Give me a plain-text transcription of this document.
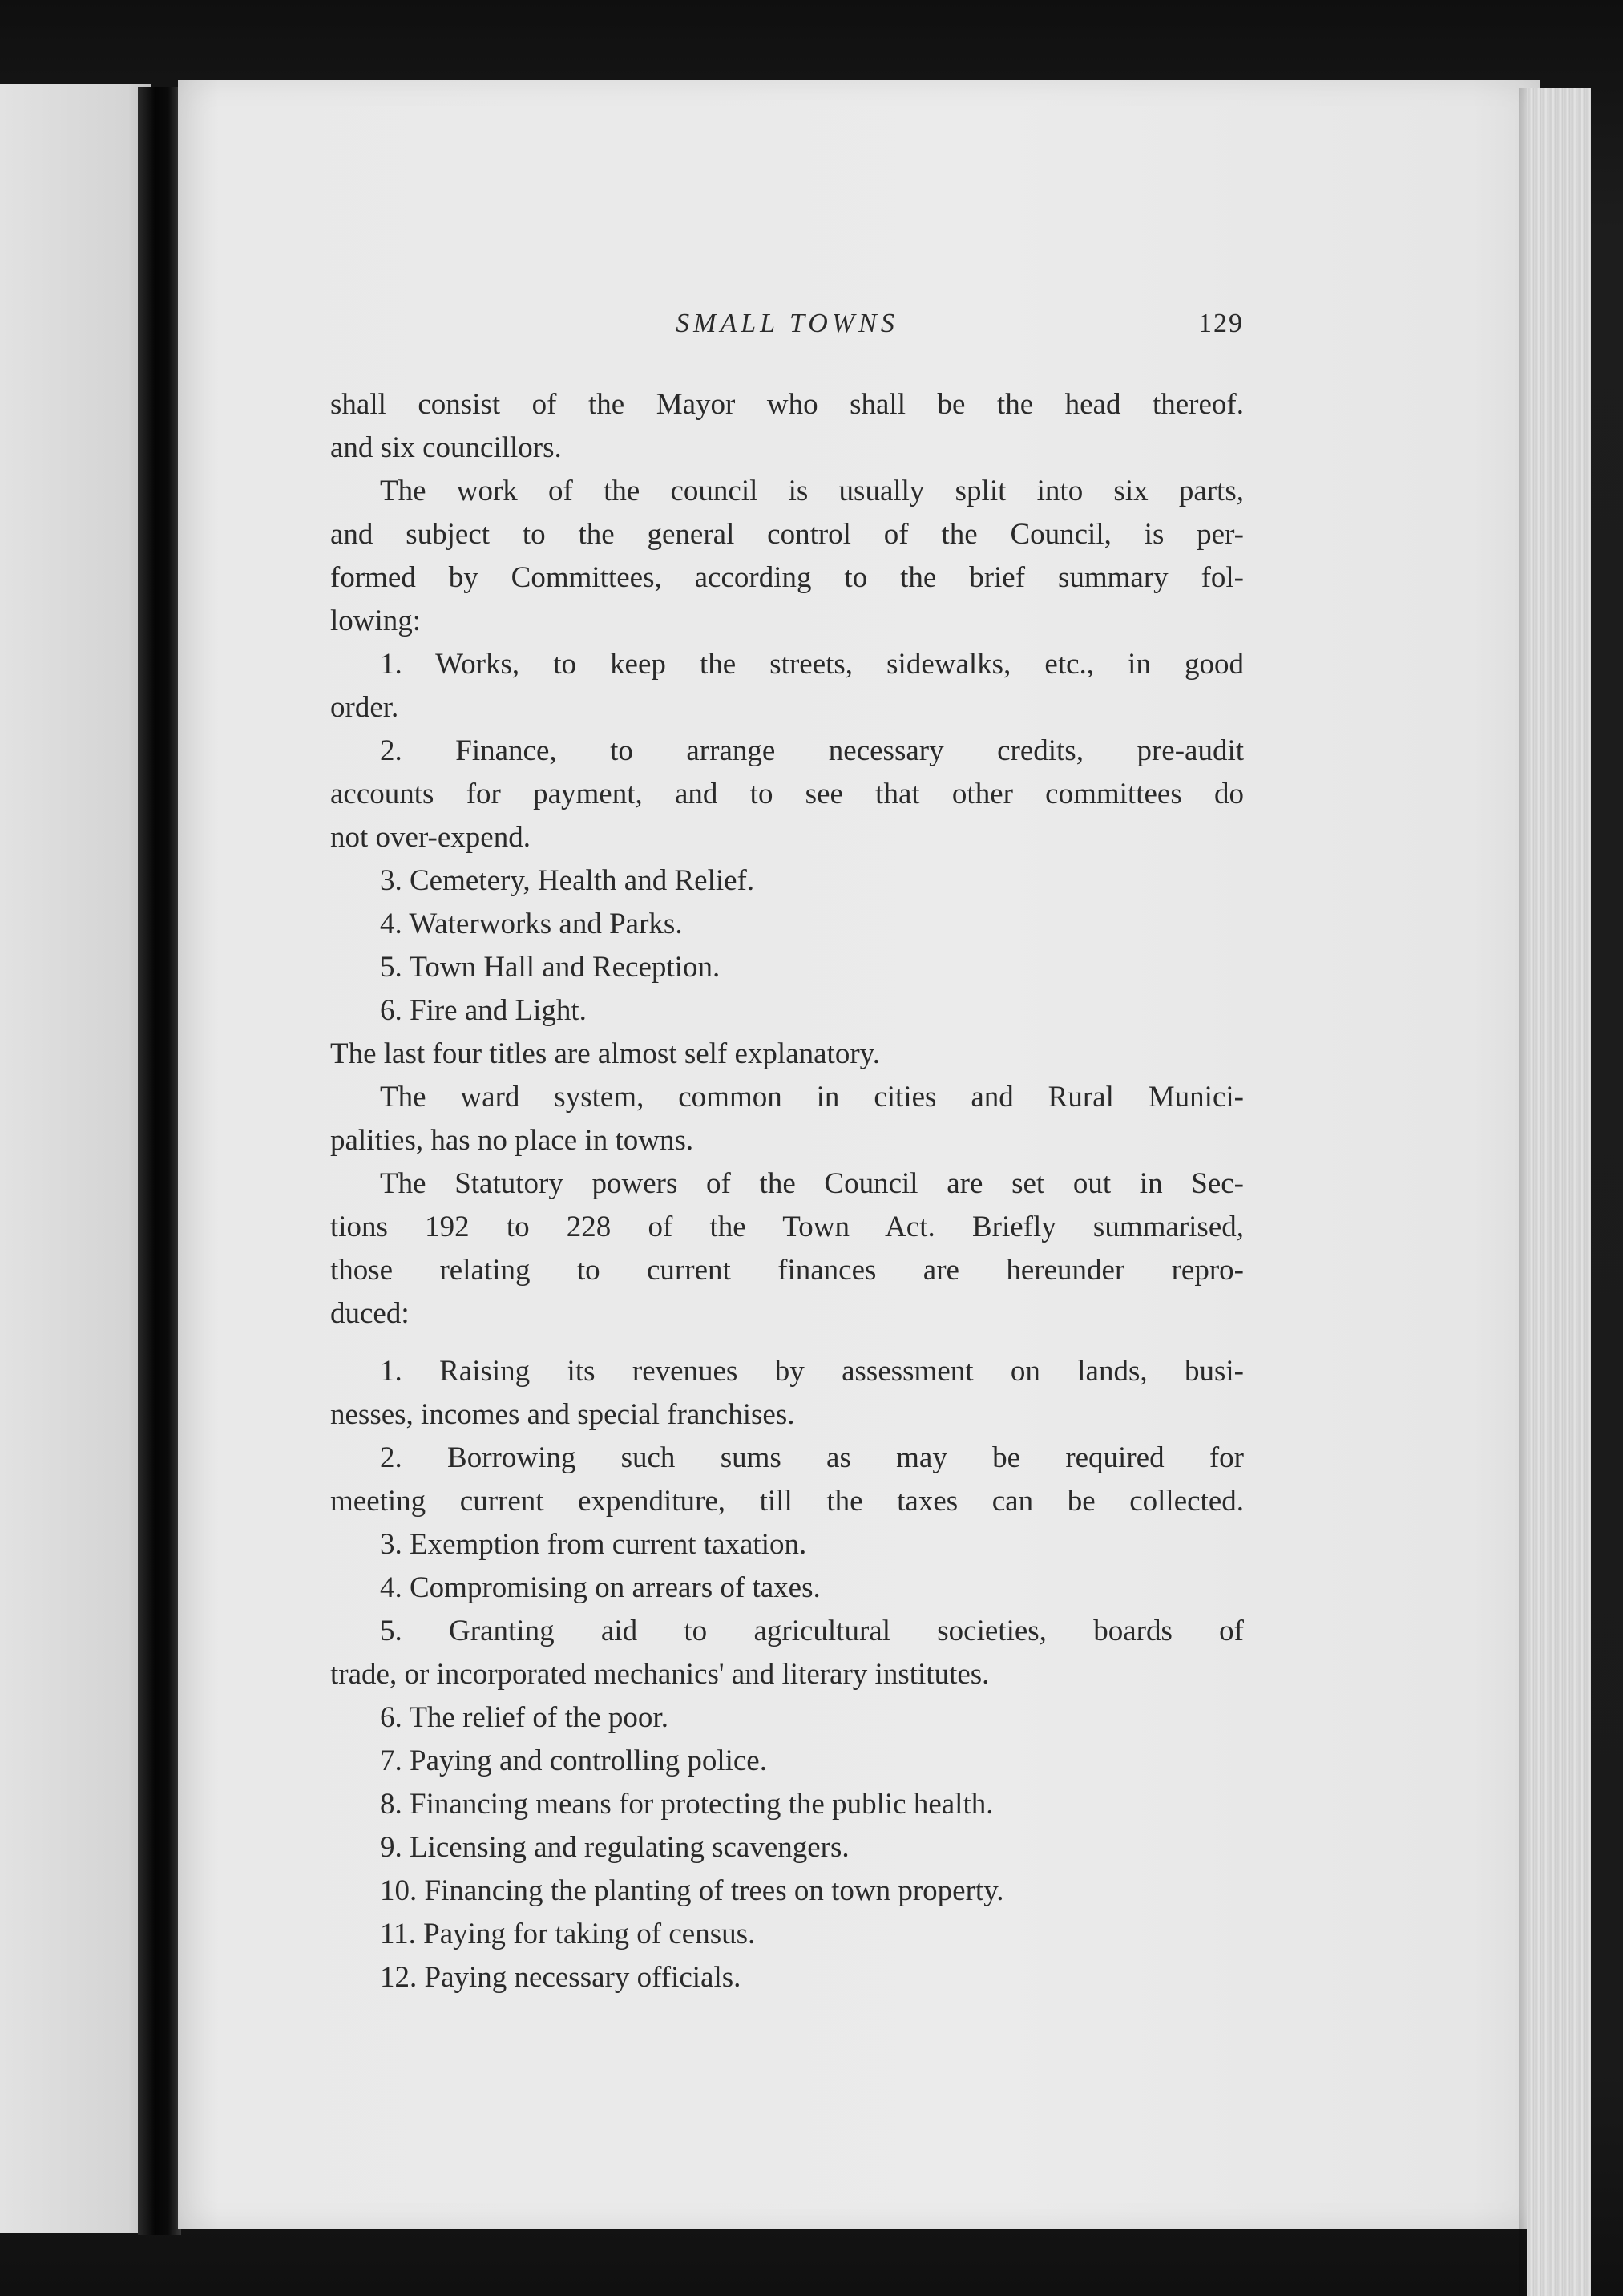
SMALL TOWNS	129
shall consist of the Mayor who shall be the head thereof.
and six councillors.
The work of the council is usually split into six parts,
and subject to the general control of the Council, is per-
formed by Committees, according to the brief summary fol-
lowing:
1. Works, to keep the streets, sidewalks, etc., in good
order.
2. Finance, to arrange necessary credits, pre-audit
accounts for payment, and to see that other committees do
not over-expend.
3. Cemetery, Health and Relief.
4. Waterworks and Parks.
5. Town Hall and Reception.
6. Fire and Light.
The last four titles are almost self explanatory.
The ward system, common in cities and Rural Munici-
palities, has no place in towns.
The Statutory powers of the Council are set out in Sec-
tions 192 to 228 of the Town Act. Briefly summarised,
those relating to current finances are hereunder repro-
duced:
1. Raising its revenues by assessment on lands, busi-
nesses, incomes and special franchises.
2. Borrowing such sums as may be required for
meeting current expenditure, till the taxes can be collected.
3. Exemption from current taxation.
4. Compromising on arrears of taxes.
5. Granting aid to agricultural societies, boards of
trade, or incorporated mechanics' and literary institutes.
6. The relief of the poor.
7. Paying and controlling police.
8. Financing means for protecting the public health.
9. Licensing and regulating scavengers.
10. Financing the planting of trees on town property.
11. Paying for taking of census.
12. Paying necessary officials.
